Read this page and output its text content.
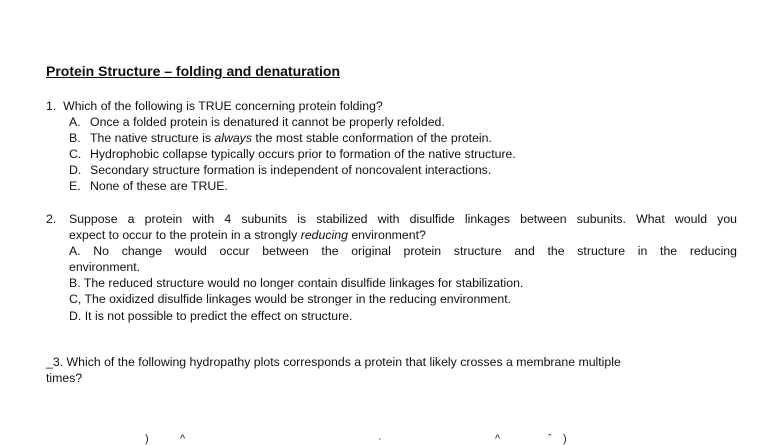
Protein Structure – folding and denaturation
1. Which of the following is TRUE concerning protein folding?
A. Once a folded protein is denatured it cannot be properly refolded.
B. The native structure is always the most stable conformation of the protein.
C. Hydrophobic collapse typically occurs prior to formation of the native structure.
D. Secondary structure formation is independent of noncovalent interactions.
E. None of these are TRUE.
2. Suppose a protein with 4 subunits is stabilized with disulfide linkages between subunits. What would you
expect to occur to the protein in a strongly reducing environment?
A. No change would occur between the original protein structure and the structure in the reducing
environment.
B. The reduced structure would no longer contain disulfide linkages for stabilization.
C, The oxidized disulfide linkages would be stronger in the reducing environment.
D. It is not possible to predict the effect on structure.
_3. Which of the following hydropathy plots corresponds a protein that likely crosses a membrane multiple
times?
)	^	·	^	ˆ )
